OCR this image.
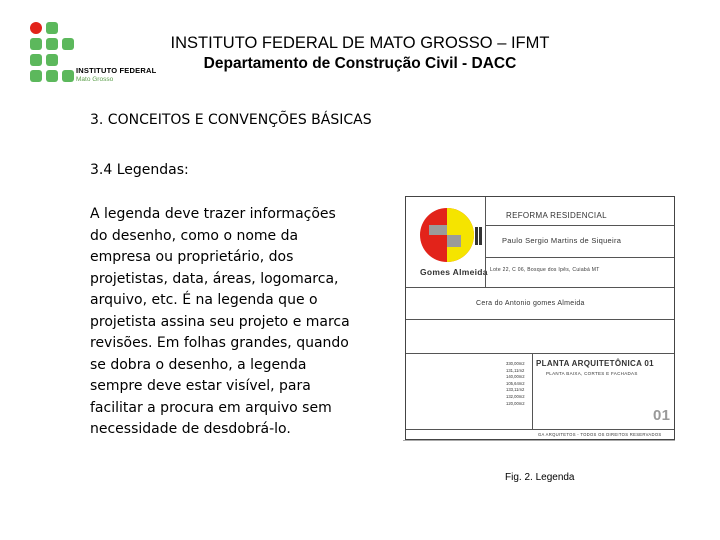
INSTITUTO FEDERAL
Mato Grosso
INSTITUTO FEDERAL DE MATO GROSSO – IFMT
Departamento de Construção Civil - DACC
3. CONCEITOS E CONVENÇÕES BÁSICAS
3.4 Legendas:
A legenda deve trazer informações do desenho, como o nome da empresa ou proprietário, dos projetistas, data, áreas, logomarca, arquivo, etc. É na legenda que o projetista assina seu projeto e marca revisões. Em folhas grandes, quando se dobra o desenho, a legenda sempre deve estar visível, para facilitar a procura em arquivo sem necessidade de desdobrá-lo.
Gomes Almeida
REFORMA RESIDENCIAL
Paulo Sergio Martins de Siqueira
Lote 22, C 06, Bosque dos Ipês, Cuiabá MT
Cera do Antonio gomes Almeida
330,00m2
131,11m2
140,00m2
105,64m2
133,11m2
132,00m2
120,00m2
PLANTA ARQUITETÔNICA 01
PLANTA BAIXA, CORTES E FACHADAS
01
GA ARQUITETOS - TODOS OS DIREITOS RESERVADOS
Fig. 2. Legenda
